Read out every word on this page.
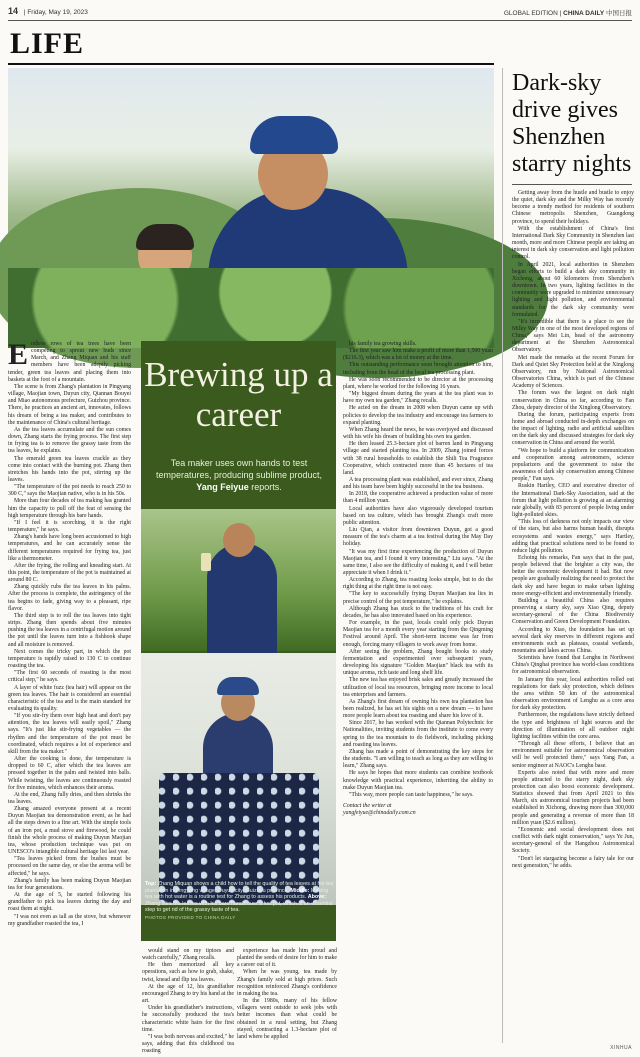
14 | Friday, May 19, 2023	GLOBAL EDITION | CHINA DAILY 中国日报
LIFE
Dark-sky drive gives Shenzhen starry nights

Getting away from the hustle and bustle to enjoy the quiet, dark sky and the Milky Way has recently become a trendy method for residents of southern Chinese metropolis Shenzhen, Guangdong province, to spend their holidays.

With the establishment of China's first International Dark Sky Community in Shenzhen last month, more and more Chinese people are taking an interest in dark sky conservation and light pollution control.

In April 2021, local authorities in Shenzhen began efforts to build a dark sky community in Xichong, about 60 kilometers from Shenzhen's downtown. In two years, lighting facilities in the community were upgraded to minimize unnecessary lighting and light pollution, and environmental standards for the dark sky community were formulated.

"It's incredible that there is a place to see the Milky Way in one of the most developed regions of China," says Mei Lin, head of the astronomy department at the Shenzhen Astronomical Observatory.

Mei made the remarks at the recent Forum for Dark and Quiet Sky Protection held at the Xinglong Observatory, run by National Astronomical Observatories China, which is part of the Chinese Academy of Sciences.

The forum was the largest on dark night conservation in China so far, according to Fan Zhou, deputy director of the Xinglong Observatory.

During the forum, participating experts from home and abroad conducted in-depth exchanges on the impact of lighting, radio and artificial satellites on the dark sky and discussed strategies for dark sky conservation in China and around the world.

"We hope to build a platform for communication and cooperation among astronomers, science popularizers and the government to raise the awareness of dark sky conservation among Chinese people," Fan says.

Ruskin Hartley, CEO and executive director of the International Dark-Sky Association, said at the forum that light pollution is growing at an alarming rate globally, with 83 percent of people living under light-polluted skies.

"This loss of darkness not only impacts our view of the stars, but also harms human health, disrupts ecosystems and wastes energy," says Hartley, adding that practical solutions need to be found to reduce light pollution.

Echoing his remarks, Fan says that in the past, people believed that the brighter a city was, the better the economic development it had. But now people are gradually realizing the need to protect the dark sky and have begun to make urban lighting more energy-efficient and environmentally friendly.

Building a beautiful China also requires preserving a starry sky, says Xiao Qing, deputy secretary-general of the China Biodiversity Conservation and Green Development Foundation.

According to Xiao, the foundation has set up several dark sky reserves in different regions and environments such as plateaus, coastal wetlands, mountains and lakes across China.

Scientists have found that Lenghu in Northwest China's Qinghai province has world-class conditions for astronomical observation.

In January this year, local authorities rolled out regulations for dark sky protection, which defines the area within 50 km of the astronomical observation environment of Lenghu as a core area for dark sky protection.

Furthermore, the regulations have strictly defined the type and brightness of light sources and the direction of illumination of all outdoor night lighting facilities within the core area.

"Through all these efforts, I believe that an environment suitable for astronomical observation will be well protected there," says Yang Fan, a senior engineer at NAOC's Lenghu base.

Experts also noted that with more and more people attracted to the starry night, dark sky protection can also boost economic development. Statistics showed that from April 2021 to this March, six astronomical tourism projects had been established in Xichong, drawing more than 300,000 people and generating a revenue of more than 18 million yuan ($2.6 million).

"Economic and social development does not conflict with dark night conservation," says Ye Jun, secretary-general of the Hangzhou Astronomical Society.

"Don't let stargazing become a fairy tale for our next generation," he adds.

Endless rows of tea trees have been competing to sprout new buds since March, and Zhang Miquan and his staff members have been adeptly picking tender, green tea leaves and placing them into baskets at the foot of a mountain.

The scene is from Zhang's plantation in Pingyang village, Maojian town, Duyun city, Qiannan Bouyei and Miao autonomous prefecture, Guizhou province. There, he practices an ancient art, innovates, follows his dream of being a tea maker, and contributes to the maintenance of China's cultural heritage.

As the tea leaves accumulate and the sun comes down, Zhang starts the frying process. The first step in frying tea is to remove the grassy taste from the tea leaves, he explains.

The emerald green tea leaves crackle as they come into contact with the burning pot. Zhang then stretches his hands into the pot, stirring up the leaves.

"The temperature of the pot needs to reach 250 to 300 C," says the Maojian native, who is in his 50s.

More than four decades of tea making has granted him the capacity to pull off the feat of sensing the high temperature through his bare hands.

"If I feel it is scorching, it is the right temperature," he says.

Zhang's hands have long been accustomed to high temperatures, and he can accurately sense the different temperatures required for frying tea, just like a thermometer.

After the frying, the rolling and kneading start. At this point, the temperature of the pot is maintained at around 80 C.

Zhang quickly rubs the tea leaves in his palms. After the process is complete, the astringency of the tea begins to fade, giving way to a pleasant, ripe flavor.

The third step is to roll the tea leaves into tight strips. Zhang then spends about five minutes pushing the tea leaves in a centrifugal motion around the pot until the leaves turn into a fishhook shape and all moisture is removed.

Next comes the tricky part, in which the pot temperature is rapidly raised to 130 C to continue roasting the tea.

"The first 60 seconds of roasting is the most critical step," he says.

A layer of white fuzz (tea hair) will appear on the green tea leaves. The hair is considered an essential characteristic of the tea and is the main standard for evaluating its quality.

"If you stir-fry them over high heat and don't pay attention, the tea leaves will easily spoil," Zhang says. "It's just like stir-frying vegetables — the rhythm and the temperature of the pot must be coordinated, which requires a lot of experience and skill from the tea maker."

After the cooking is done, the temperature is dropped to 60 C, after which the tea leaves are pressed together in the palm and twisted into balls. While twisting, the leaves are continuously roasted for five minutes, which enhances their aroma.

At the end, Zhang fully dries, and then shrinks the tea leaves.

Zhang amazed everyone present at a recent Duyun Maojian tea demonstration event, as he had all the steps down to a fine art. With the simple tools of an iron pot, a mud stove and firewood, he could finish the whole process of making Duyun Maojian tea, whose production technique was put on UNESCO's intangible cultural heritage list last year.

"Tea leaves picked from the bushes must be processed on the same day, or else the aroma will be affected," he says.

Zhang's family has been making Duyun Maojian tea for four generations.

At the age of 5, he started following his grandfather to pick tea leaves during the day and roast them at night.

"I was not even as tall as the stove, but whenever my grandfather roasted the tea, I

his family tea growing skills.

The first year saw him make a profit of more than 1,500 yuan ($216.3), which was a lot of money at the time.

This outstanding performance soon brought attention to him, including from the head of the local tea processing plant.

He was soon recommended to be director at the processing plant, where he worked for the following 16 years.

"My biggest dream during the years at the tea plant was to have my own tea garden," Zhang recalls.

He acted on the dream in 2008 when Duyun came up with policies to develop the tea industry and encourage tea farmers to expand planting.

When Zhang heard the news, he was overjoyed and discussed with his wife his dream of building his own tea garden.

He then leased 25.3-hectare plot of barren land in Pingyang village and started planting tea. In 2009, Zhang joined forces with 38 rural households to establish the Shili Tea Fragrance Cooperative, which contracted more than 45 hectares of tea land.

A tea processing plant was established, and ever since, Zhang and his team have been highly successful in the tea business.

In 2018, the cooperative achieved a production value of more than 4 million yuan.

Local authorities have also vigorously developed tourism based on tea culture, which has brought Zhang's craft more public attention.

Liu Qian, a visitor from downtown Duyun, got a good measure of the tea's charm at a tea festival during the May Day holiday.

"It was my first time experiencing the production of Duyun Maojian tea, and I found it very interesting," Liu says. "At the same time, I also see the difficulty of making it, and I will better appreciate it when I drink it."

According to Zhang, tea roasting looks simple, but to do the right thing at the right time is not easy.

"The key to successfully frying Duyun Maojian tea lies in precise control of the pot temperature," he explains.

Although Zhang has stuck to the traditions of his craft for decades, he has also innovated based on his experience.

For example, in the past, locals could only pick Duyun Maojian tea for a month every year starting from the Qingming Festival around April. The short-term income was far from enough, forcing many villagers to work away from home.

After seeing the problem, Zhang bought books to study fermentation and experimented over subsequent years, developing his signature "Golden Maojian" black tea with its unique aroma, rich taste and long shelf life.

The new tea has enjoyed brisk sales and greatly increased the utilization of local tea resources, bringing more income to local tea enterprises and farmers.

As Zhang's first dream of owning his own tea plantation has been realized, he has set his sights on a new dream — to have more people learn about tea roasting and share his love of it.

Since 2017, he has worked with the Qiannan Polytechnic for Nationalities, inviting students from the institute to come every spring to the tea mountain to do fieldwork, including picking and roasting tea leaves.

Zhang has made a point of demonstrating the key steps for the students. "I am willing to teach as long as they are willing to learn," Zhang says.

He says he hopes that more students can combine textbook knowledge with practical experience, inheriting the ability to make Duyun Maojian tea.

"This way, more people can taste happiness," he says.

Contact the writer at
yangfeiyue@chinadaily.com.cn

would stand on my tiptoes and watch carefully," Zhang recalls.

He then memorized all key operations, such as how to grab, shake, twist, knead and flip tea leaves.

At the age of 12, his grandfather encouraged Zhang to try his hand at the art.

Under his grandfather's instructions, he successfully produced the tea's characteristic white hairs for the first time.

"I was both nervous and excited," he says, adding that this childhood tea roasting

experience has made him proud and planted the seeds of desire for him to make a career out of it.

When he was young, tea made by Zhang's family sold at high prices. Such recognition reinforced Zhang's confidence in making the tea.

In the 1980s, many of his fellow villagers went outside to seek jobs with better incomes than what could be obtained in a rural setting, but Zhang stayed, contracting a 1.3-hectare plot of land where he applied

Brewing up a career
Tea maker uses own hands to test temperatures, producing sublime product, Yang Feiyue reports.
Top: Zhang Miquan shows a child how to tell the quality of tea leaves at his tea plantation in Pingyang village, Duyun city, Guizhou province. Middle: Making tea with hot water is a routine test for Zhang to assess his products. Above: Zhang stirs tea leaves with his bare hands over a hot pot, which is an essential step to get rid of the grassy taste of tea.
PHOTOS PROVIDED TO CHINA DAILY
XINHUA
